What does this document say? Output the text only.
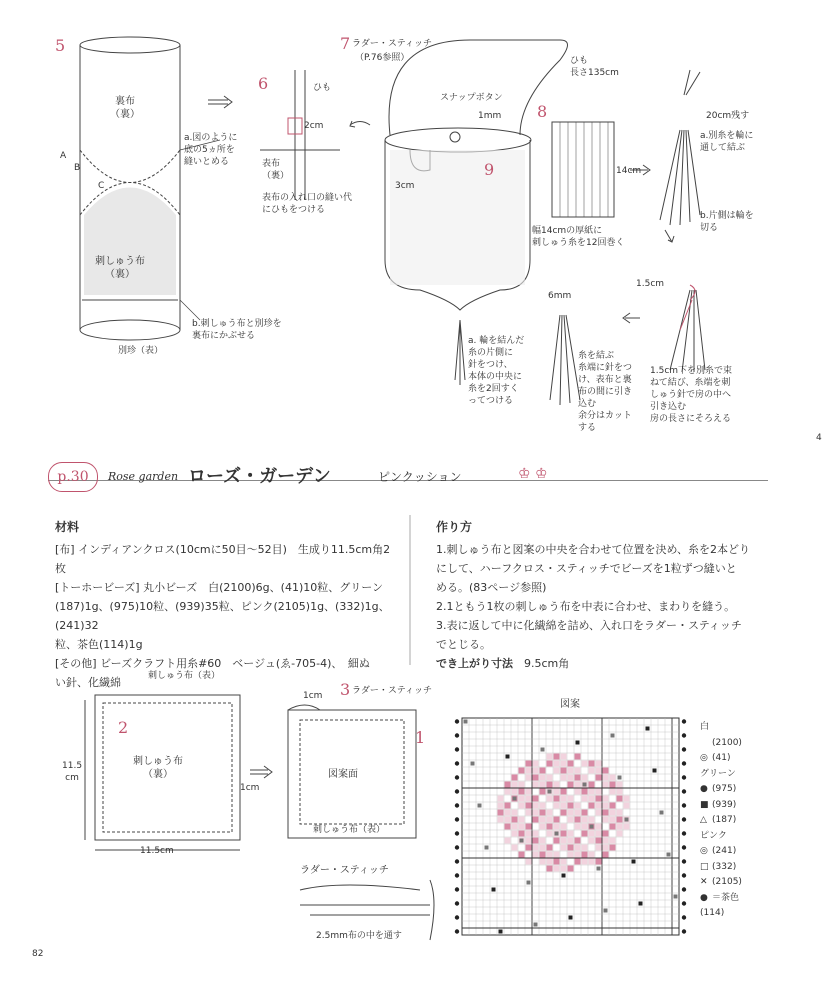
5
裏布
（裏）
刺しゅう布
（裏）
A
B
C
a.図のように
底の5ヵ所を
縫いとめる
b.刺しゅう布と別珍を
裏布にかぶせる
別珍（表）
6	ひも
2cm
表布
（裏）
表布の入れ口の縫い代
にひもをつける
7 ラダー・スティッチ
（P.76参照）	ひも
長さ135cm
スナップボタン
1mm
3cm
9
8
14cm
幅14cmの厚紙に
刺しゅう糸を12回巻く
20cm残す
a.別糸を輪に
通して結ぶ
b.片側は輪を
切る
1.5cm
1.5cm下を別糸で束
ねて結び、糸端を刺
しゅう針で房の中へ
引き込む
房の長さにそろえる
6mm
a. 輪を結んだ
糸の片側に
針をつけ、
本体の中央に
糸を2回すく
ってつける
糸を結ぶ
糸端に針をつ
け、表布と裏
布の間に引き
込む
余分はカット
する
p.30	Rose garden ローズ・ガーデン	ピンクッション	♔ ♔
材料
[布] インディアンクロス(10cmに50目〜52目)　生成り11.5cm角2
枚
[トーホービーズ] 丸小ビーズ　白(2100)6g、(41)10粒、グリーン
(187)1g、(975)10粒、(939)35粒、ピンク(2105)1g、(332)1g、(241)32
粒、茶色(114)1g
[その他] ビーズクラフト用糸#60　ベージュ(ゑ-705-4)、　細ぬ
い針、化繊綿
作り方
1.刺しゅう布と図案の中央を合わせて位置を決め、糸を2本どり
にして、ハーフクロス・スティッチでビーズを1粒ずつ縫いと
める。(83ページ参照)
2.1ともう1枚の刺しゅう布を中表に合わせ、まわりを縫う。
3.表に返して中に化繊綿を詰め、入れ口をラダー・スティッチ
でとじる。
でき上がり寸法　 9.5cm角
刺しゅう布（表）
2
刺しゅう布
（裏）
11.5
cm
11.5cm
1cm
1cm 3 ラダー・スティッチ
1
図案面
刺しゅう布（表）
ラダー・スティッチ
2.5mm布の中を通す
図案
白
(2100)
◎ (41)
グリーン
● (975)
■ (939)
△ (187)
ピンク
◎ (241)
□ (332)
✕ (2105)
● ＝茶色(114)
82
4
